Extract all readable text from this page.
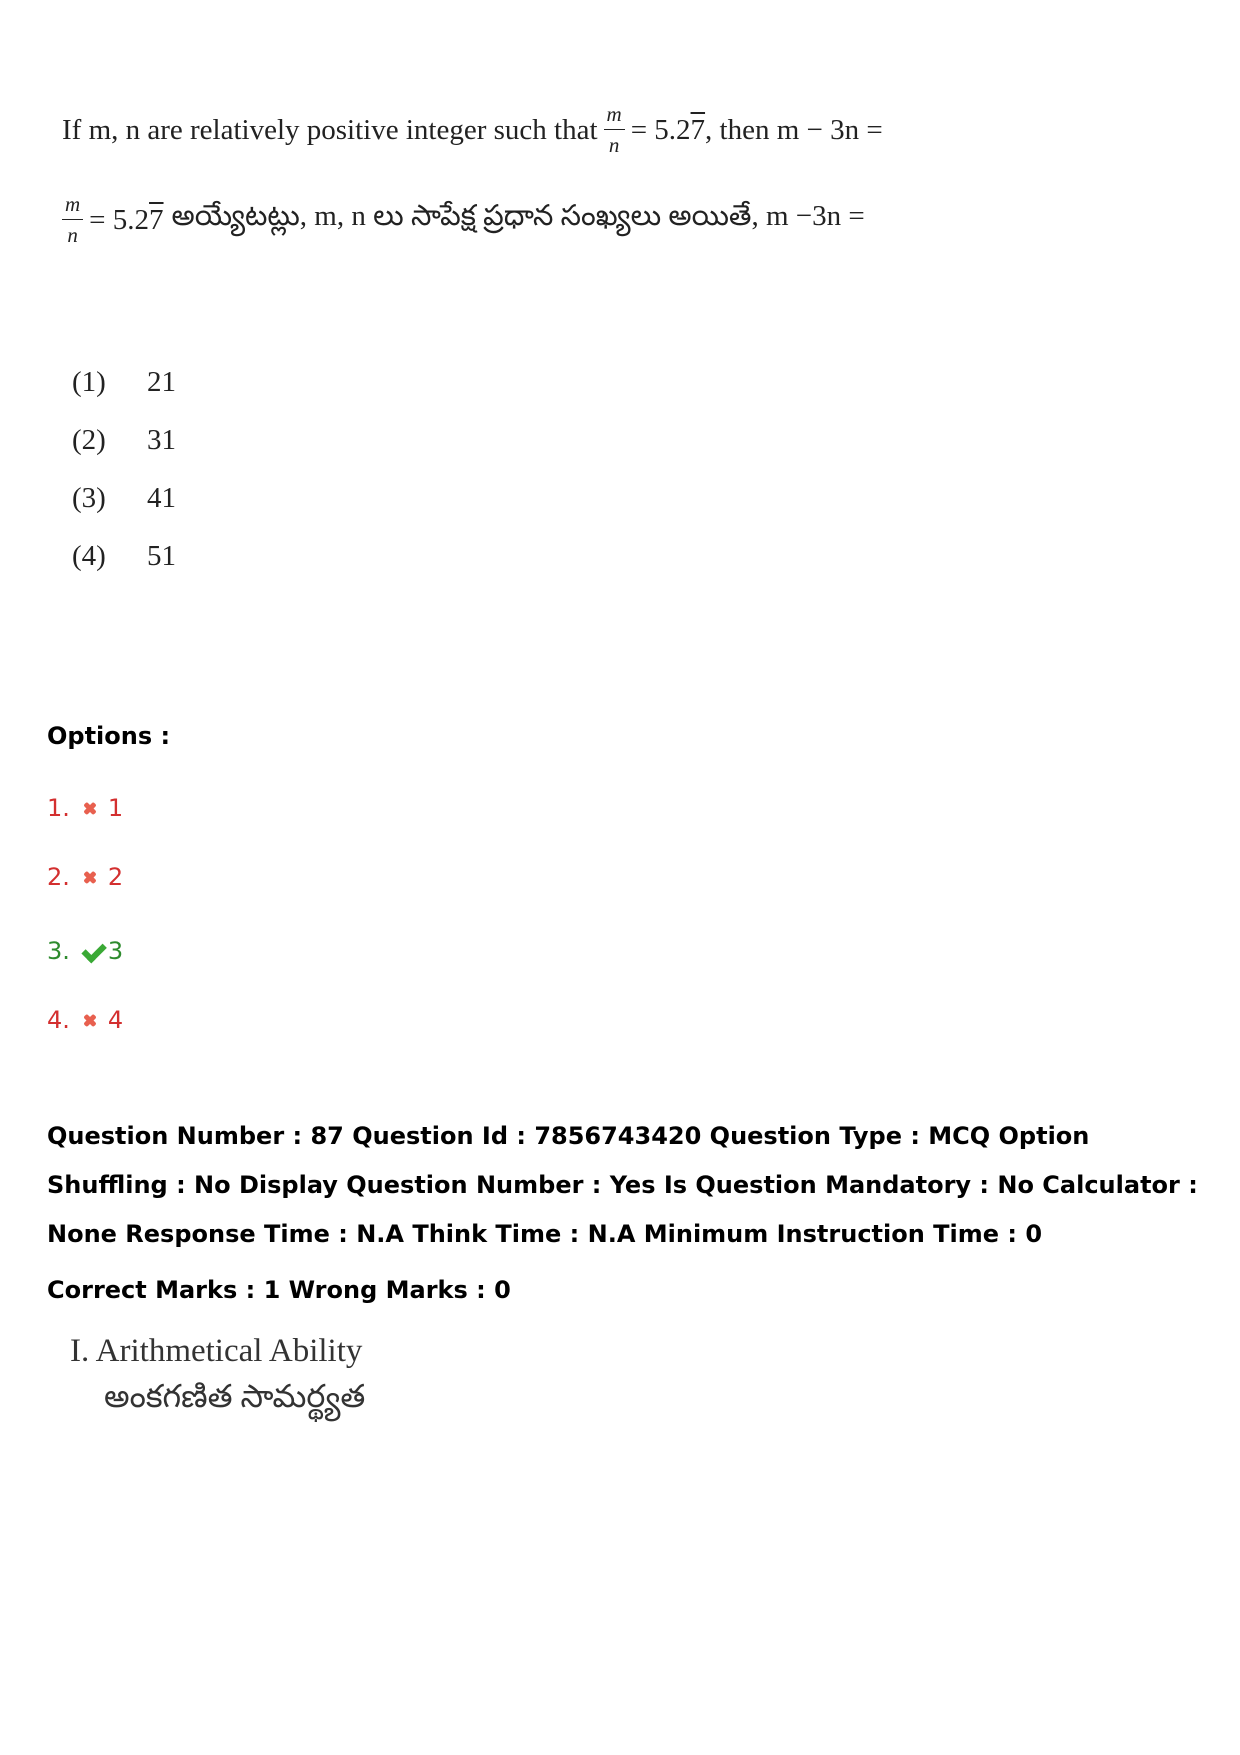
If m, n are relatively positive integer such that $\frac{m}{n} = 5.27$ , then m − 3n =
$\frac{m}{n} = 5.27$ అయ్యేటట్లు, m, n లు సాపేక్ష ప్రధాన సంఖ్యలు అయితే, m −3n =
(1)	21
(2)	31
(3)	41
(4)	51
Options :
1. 1
2. 2
3. 3
4. 4
Question Number : 87 Question Id : 7856743420 Question Type : MCQ Option Shuffling : No Display Question Number : Yes Is Question Mandatory : No Calculator : None Response Time : N.A Think Time : N.A Minimum Instruction Time : 0
Correct Marks : 1 Wrong Marks : 0
I. Arithmetical Ability
అంకగణిత సామర్థ్యత
